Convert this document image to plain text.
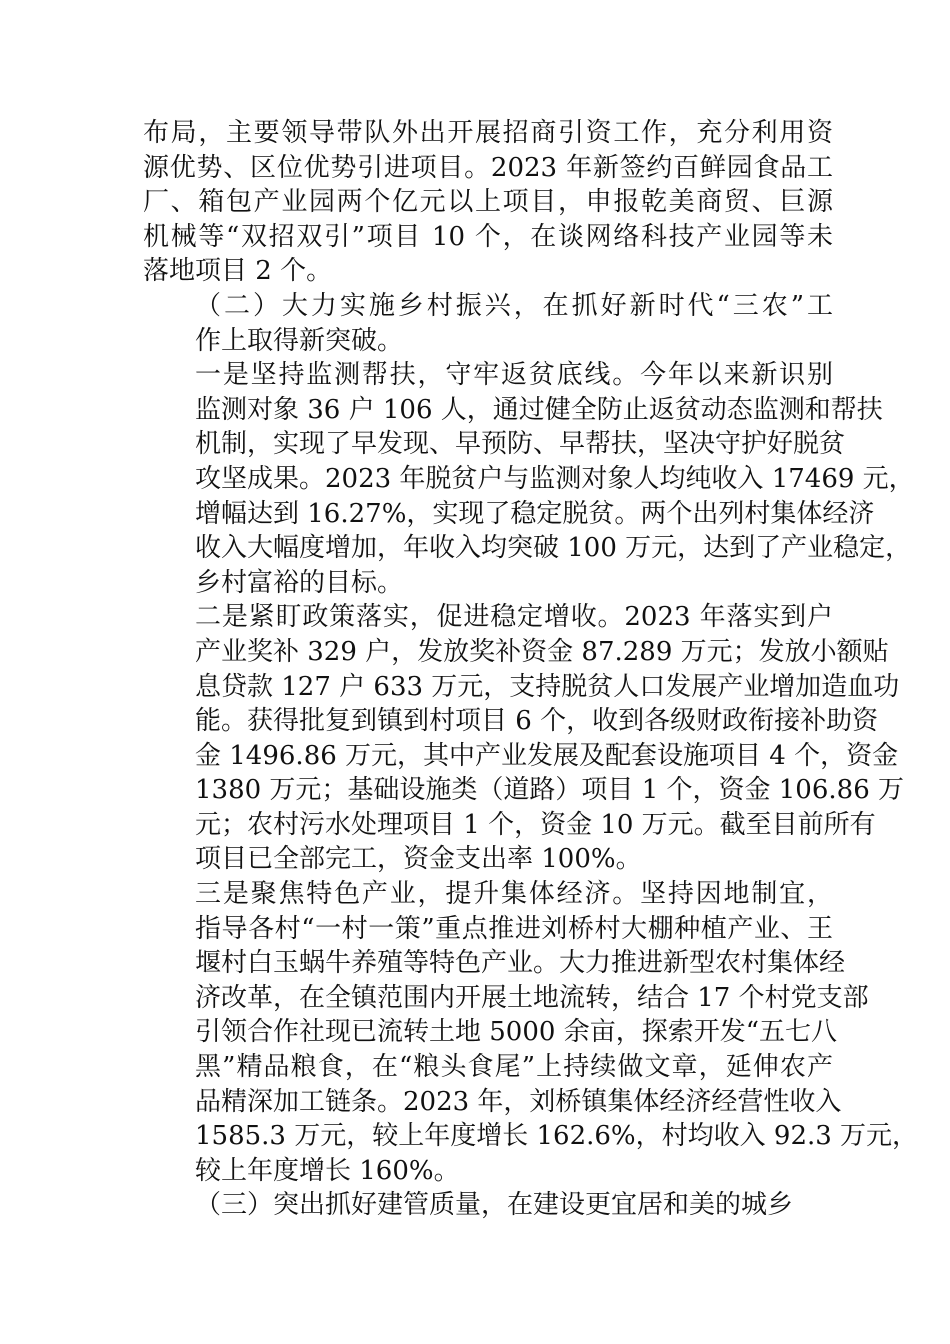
布局，主要领导带队外出开展招商引资工作，充分利用资
源优势、区位优势引进项目。2023 年新签约百鲜园食品工
厂、箱包产业园两个亿元以上项目，申报乾美商贸、巨源
机械等“双招双引”项目 10 个，在谈网络科技产业园等未
落地项目 2 个。

（二）大力实施乡村振兴，在抓好新时代“三农”工
作上取得新突破。

一是坚持监测帮扶，守牢返贫底线。今年以来新识别
监测对象 36 户 106 人，通过健全防止返贫动态监测和帮扶
机制，实现了早发现、早预防、早帮扶，坚决守护好脱贫
攻坚成果。2023 年脱贫户与监测对象人均纯收入 17469 元，
增幅达到 16.27%，实现了稳定脱贫。两个出列村集体经济
收入大幅度增加，年收入均突破 100 万元，达到了产业稳定，
乡村富裕的目标。

二是紧盯政策落实，促进稳定增收。2023 年落实到户
产业奖补 329 户，发放奖补资金 87.289 万元；发放小额贴
息贷款 127 户 633 万元，支持脱贫人口发展产业增加造血功
能。获得批复到镇到村项目 6 个，收到各级财政衔接补助资
金 1496.86 万元，其中产业发展及配套设施项目 4 个，资金
1380 万元；基础设施类（道路）项目 1 个，资金 106.86 万
元；农村污水处理项目 1 个，资金 10 万元。截至目前所有
项目已全部完工，资金支出率 100%。

三是聚焦特色产业，提升集体经济。坚持因地制宜，
指导各村“一村一策”重点推进刘桥村大棚种植产业、王
堰村白玉蜗牛养殖等特色产业。大力推进新型农村集体经
济改革，在全镇范围内开展土地流转，结合 17 个村党支部
引领合作社现已流转土地 5000 余亩，探索开发“五七八
黑”精品粮食，在“粮头食尾”上持续做文章，延伸农产
品精深加工链条。2023 年，刘桥镇集体经济经营性收入
1585.3 万元，较上年度增长 162.6%，村均收入 92.3 万元，
较上年度增长 160%。

（三）突出抓好建管质量，在建设更宜居和美的城乡
